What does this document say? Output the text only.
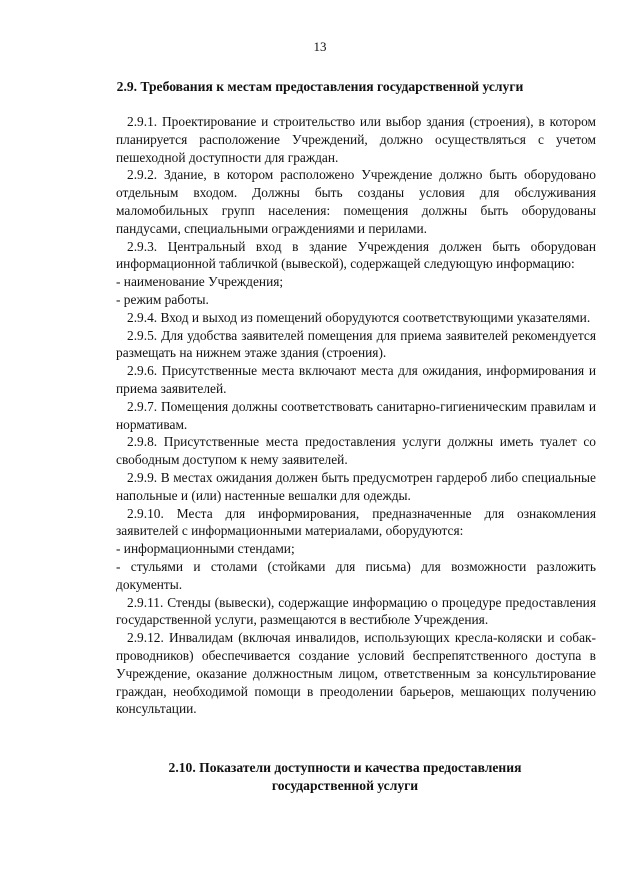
13
2.9. Требования к местам предоставления государственной услуги

2.9.1. Проектирование и строительство или выбор здания (строения), в котором планируется расположение Учреждений, должно осуществляться с учетом пешеходной доступности для граждан.

2.9.2. Здание, в котором расположено Учреждение должно быть оборудовано отдельным входом. Должны быть созданы условия для обслуживания маломобильных групп населения: помещения должны быть оборудованы пандусами, специальными ограждениями и перилами.

2.9.3. Центральный вход в здание Учреждения должен быть оборудован информационной табличкой (вывеской), содержащей следующую информацию:

- наименование Учреждения;

- режим работы.

2.9.4. Вход и выход из помещений оборудуются соответствующими указателями.

2.9.5. Для удобства заявителей помещения для приема заявителей рекомендуется размещать на нижнем этаже здания (строения).

2.9.6. Присутственные места включают места для ожидания, информирования и приема заявителей.

2.9.7. Помещения должны соответствовать санитарно-гигиеническим правилам и нормативам.

2.9.8. Присутственные места предоставления услуги должны иметь туалет со свободным доступом к нему заявителей.

2.9.9. В местах ожидания должен быть предусмотрен гардероб либо специальные напольные и (или) настенные вешалки для одежды.

2.9.10. Места для информирования, предназначенные для ознакомления заявителей с информационными материалами, оборудуются:

- информационными стендами;

- стульями и столами (стойками для письма) для возможности разложить документы.

2.9.11. Стенды (вывески), содержащие информацию о процедуре предоставления государственной услуги, размещаются в вестибюле Учреждения.

2.9.12. Инвалидам (включая инвалидов, использующих кресла-коляски и собак-проводников) обеспечивается создание условий беспрепятственного доступа в Учреждение, оказание должностным лицом, ответственным за консультирование граждан, необходимой помощи в преодолении барьеров, мешающих получению консультации.

2.10. Показатели доступности и качества предоставления
государственной услуги
